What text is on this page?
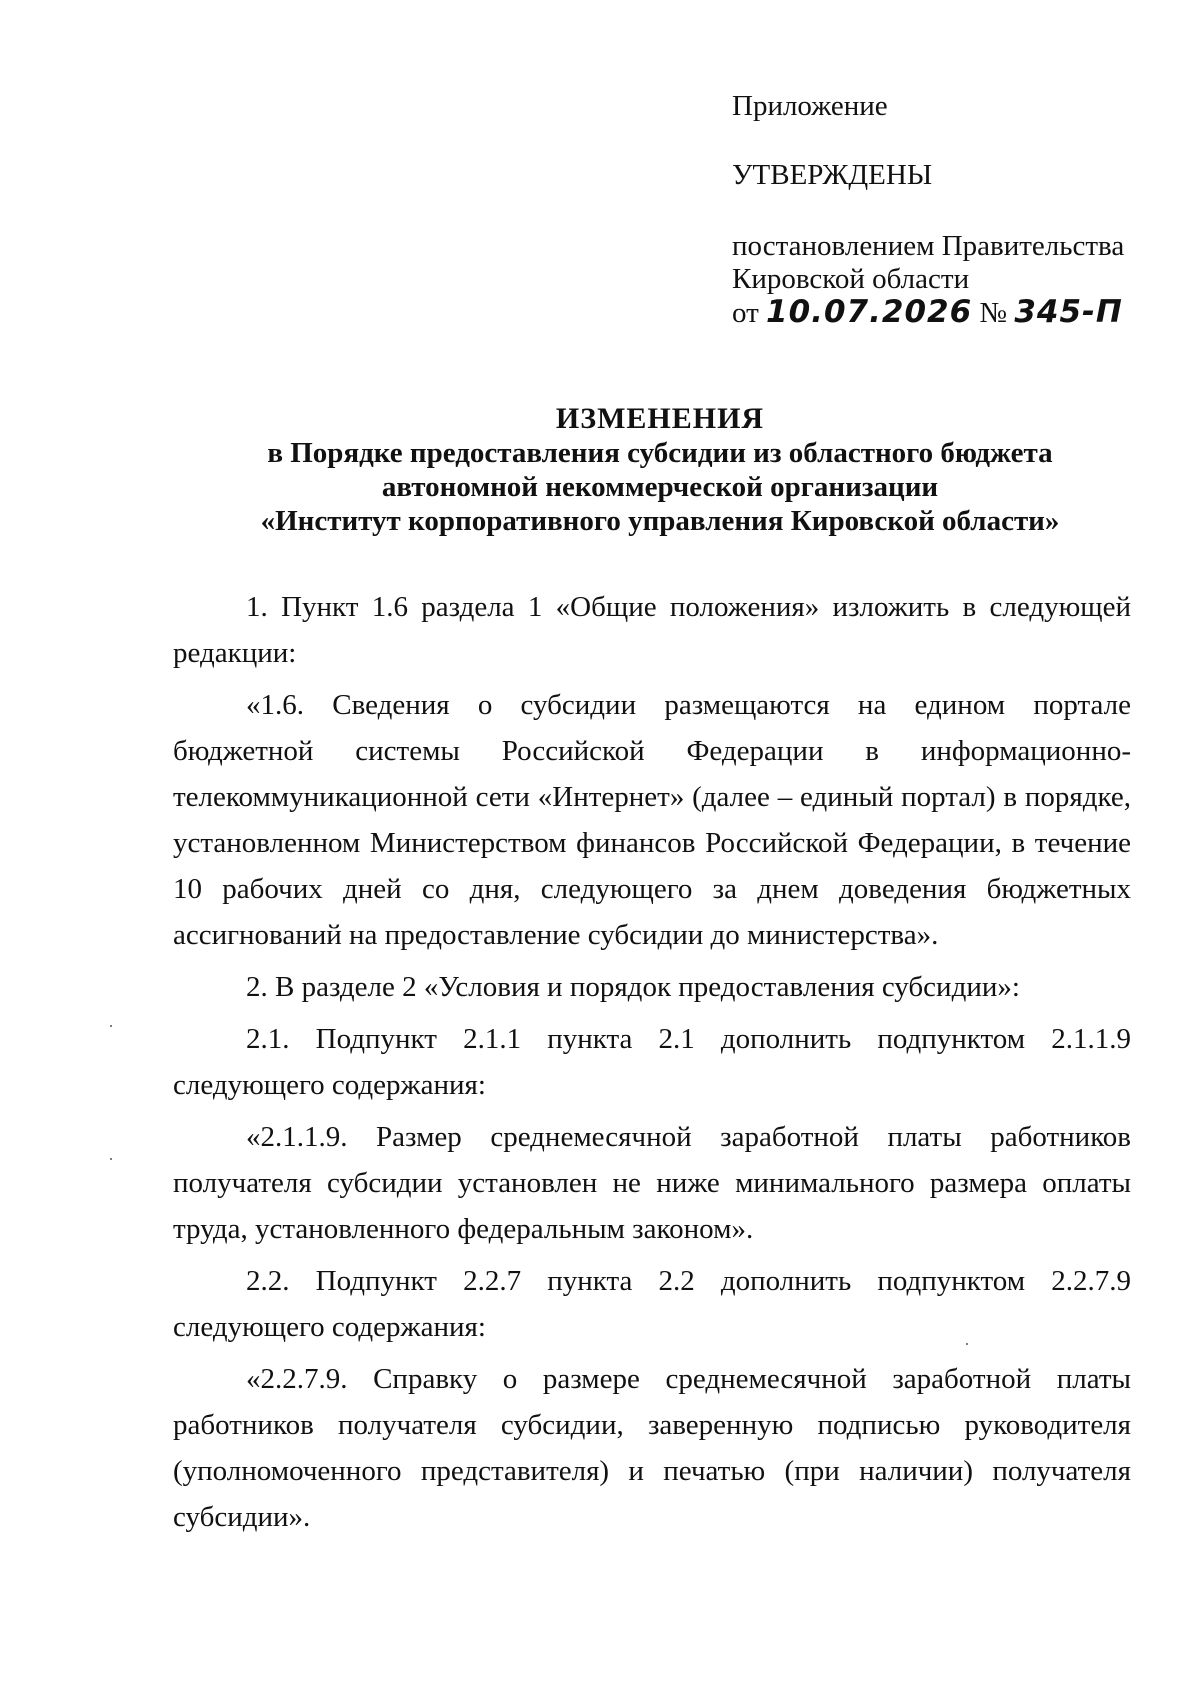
Приложение
УТВЕРЖДЕНЫ
постановлением Правительства
Кировской области
от 10.07.2026 № 345-П
ИЗМЕНЕНИЯ
в Порядке предоставления субсидии из областного бюджета
автономной некоммерческой организации
«Институт корпоративного управления Кировской области»

1. Пункт 1.6 раздела 1 «Общие положения» изложить в следующей редакции:

«1.6. Сведения о субсидии размещаются на едином портале бюджетной системы Российской Федерации в информационно-телекоммуникационной сети «Интернет» (далее – единый портал) в порядке, установленном Министерством финансов Российской Федерации, в течение 10 рабочих дней со дня, следующего за днем доведения бюджетных ассигнований на предоставление субсидии до министерства».

2. В разделе 2 «Условия и порядок предоставления субсидии»:

2.1. Подпункт 2.1.1 пункта 2.1 дополнить подпунктом 2.1.1.9 следующего содержания:

«2.1.1.9. Размер среднемесячной заработной платы работников получателя субсидии установлен не ниже минимального размера оплаты труда, установленного федеральным законом».

2.2. Подпункт 2.2.7 пункта 2.2 дополнить подпунктом 2.2.7.9 следующего содержания:

«2.2.7.9. Справку о размере среднемесячной заработной платы работников получателя субсидии, заверенную подписью руководителя (уполномоченного представителя) и печатью (при наличии) получателя субсидии».
